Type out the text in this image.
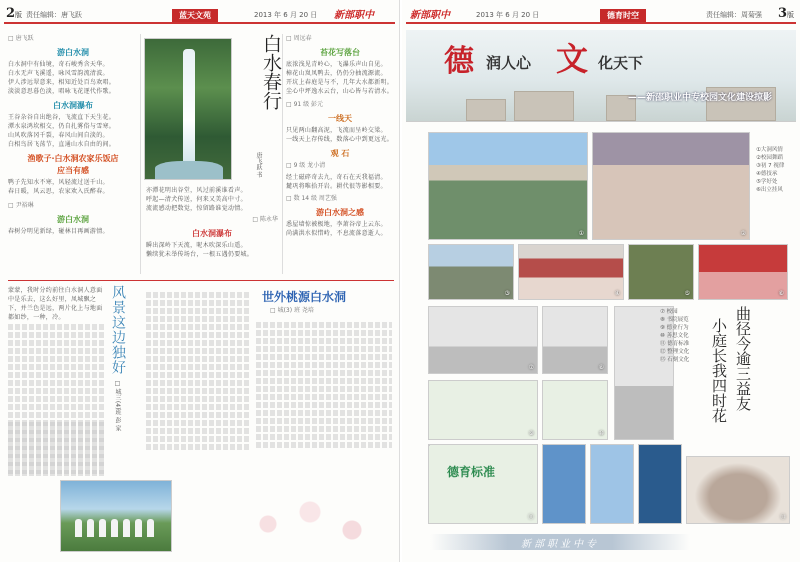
2版 责任编辑：唐飞跃	蓝天文苑	2013 年 6 月 20 日 新部职中
□ 唐飞跃
游白水洞
白水洞中有仙境，奇石峻秀含天华。
白水无声飞溪遥，咏风雪韵流清波。
伊人涉远翠意来，相知近处百鸟欢唱。
淡淡意思暮色淡，唱咏飞花逐代作歌。
白水洞瀑布
王谷杂谷自出绝谷，飞流直下天生花。
潭水泉鸿坎相交，仍自扎雾俗与雪寒。
山风吹落冈千裂，春风山间自淡的。
白相鸟居飞荡节，直通山水自由的间。
渔歌子·白水洞农家乐饭店
应当有感
鸭子先知水不寒，风轻流过送千山。
春日暖，风云思，农家欢入氏醉春。
□ 尹裕琳
游白水洞
春树分明见新绿，碰林目再画游情。
白水春行
唐飞跃 书
亦潭花明出谷堂，风过前溪谁看声。
呼起—清犬传送，何来又美高中寸。
流流感动把数觉，惊留路谁觉动情。
□ 陈永华
白水洞瀑布
瞬出深岭下天流，呢木吹深乐山遥。
懒续犹未举传场台，一根五遇仍要城。
□ 周远春
苔花写落台
底浓浅见青岭心，飞瀑乐声山自见。
樟花山岚凤鸭去，仍仍分抽流源流。
开坑上春庭是与不，几年大水都新明。
尘心中坪逸水云台，山心皆与若清水。
□ 91 级 彭元
一线天
只见两山翻高泥，飞流而呈岭交梁。
一线天上存传线，数落心中到更远光。
观 石
□ 9 级 龙小清
经土磁碎奇去九，奇石在天我福清。
麓巩将唯拾开岩。耕代很等影相要。
□ 数 14 级 周艺强
游白水洞之感
悉屋墙惊被极地，李萧谷帝上云东。
尚满洪水似惜峙，不息流落意逝人。
蒙蒙，我时分约前往白水洞人意面中是乐去，这么好里，凤城飘之下，并兰色是远，两片化上与地面都如纱，一种，冷。	风景这边独好
□ 城三(4)班 彭 家
世外桃源白水洞
□ 城(3) 班 尧培
新部职中	2013 年 6 月 20 日	德育时空	责任编辑：周菊强 3版
德 润人心 文 化天下
——新邵职业中专校园文化建设掠影
①	②
①大洞风情
②校园舞蹈
③初 7 视律
④德技承
⑤学好处
⑥出立挂风
③	④	⑤	⑥
⑦	⑧
⑨	⑩
德育标准
⑪
⑦ 校园
⑧ 书院展览
⑨ 德业行为
⑩ 善思文化
⑪ 德育标准
⑫ 整理文化
⑬ 石刻文化	曲径今逾三益友
小庭长我四时花
⑬
新部职业中专
